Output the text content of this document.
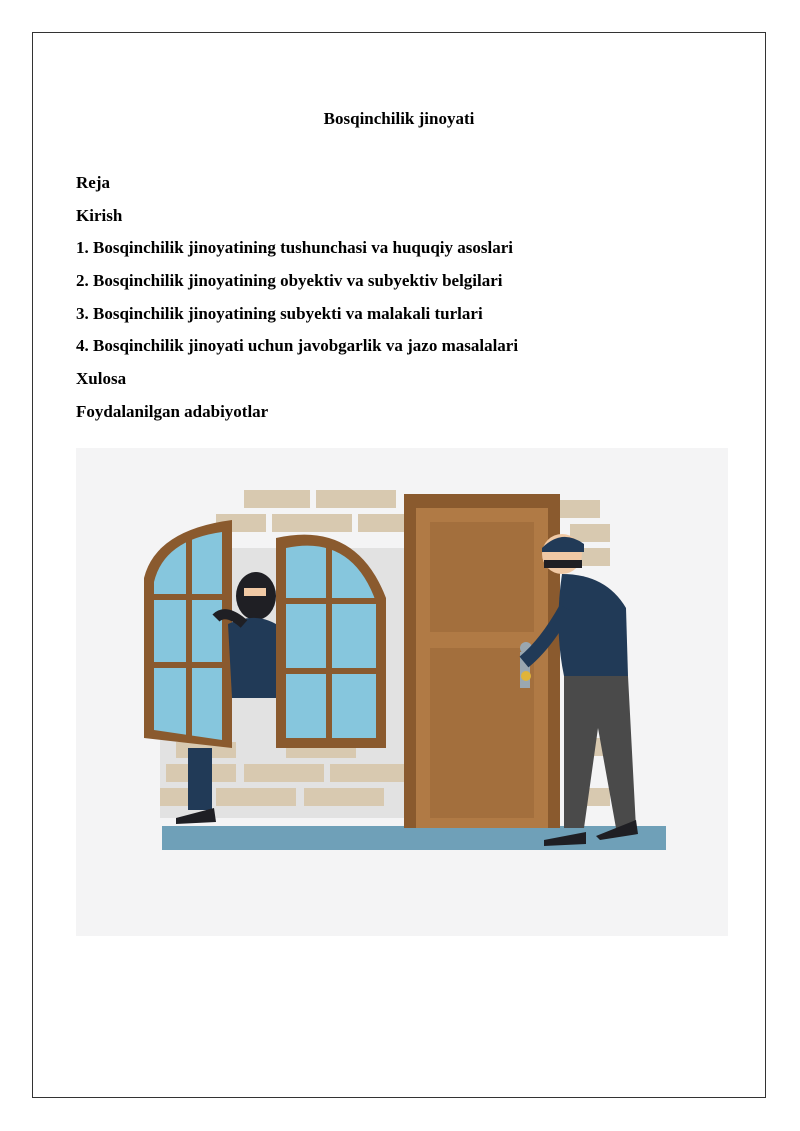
Bosqinchilik jinoyati
Reja
Kirish
1. Bosqinchilik jinoyatining tushunchasi va huquqiy asoslari
2. Bosqinchilik jinoyatining obyektiv va subyektiv belgilari
3. Bosqinchilik jinoyatining subyekti va malakali turlari
4. Bosqinchilik jinoyati uchun javobgarlik va jazo masalalari
Xulosa
Foydalanilgan adabiyotlar
